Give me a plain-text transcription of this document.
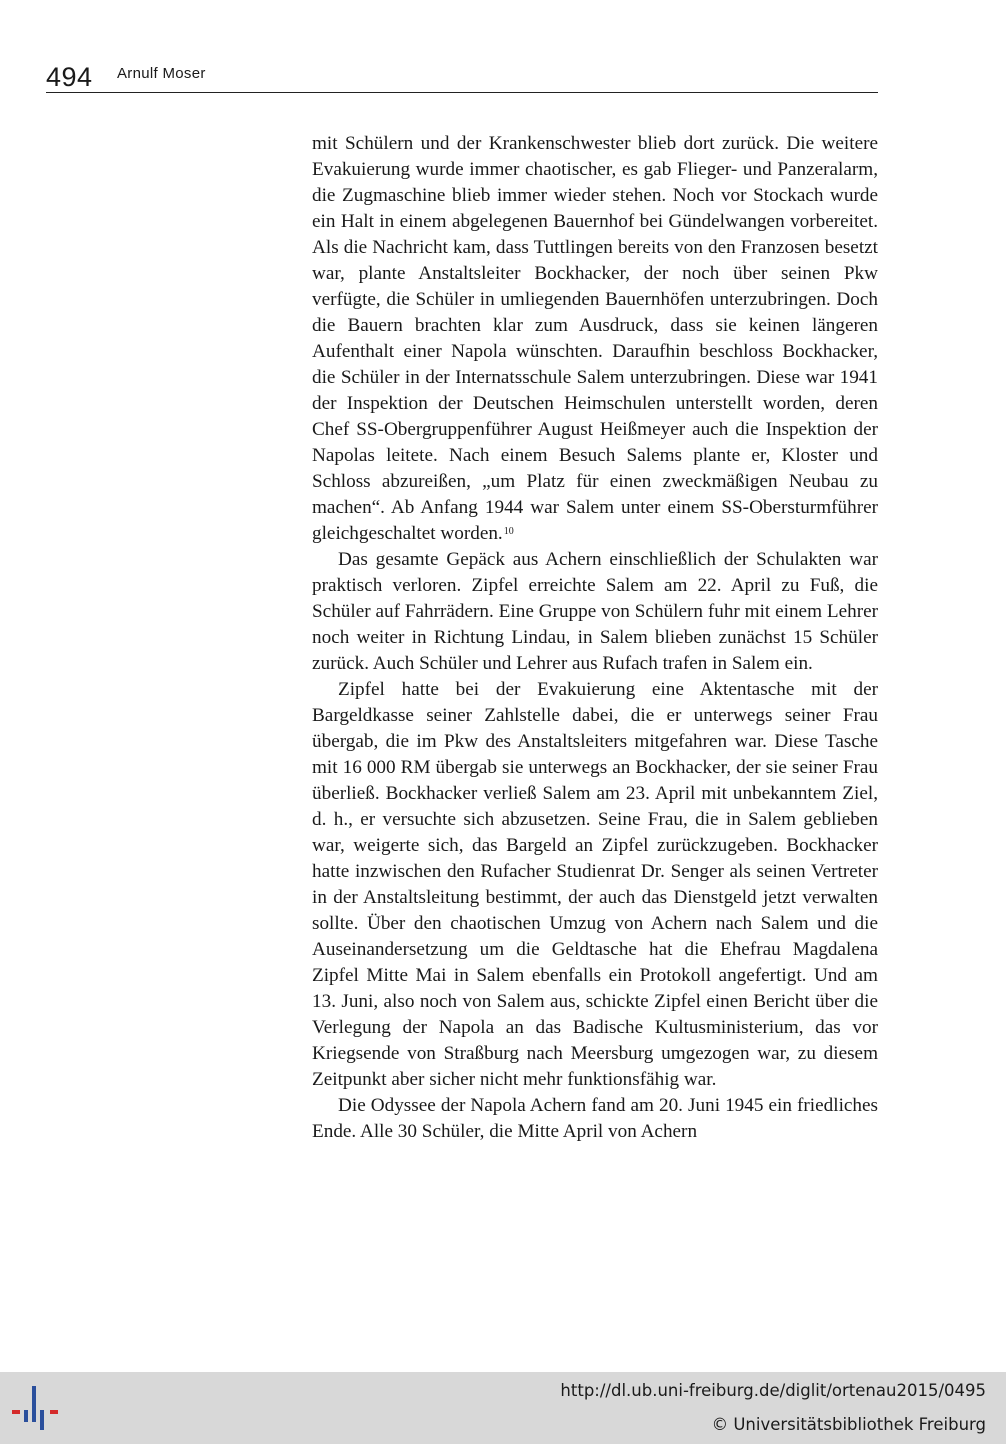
494 Arnulf Moser

mit Schülern und der Krankenschwester blieb dort zurück. Die weitere Evakuierung wurde immer chaotischer, es gab Flieger- und Panzeralarm, die Zugmaschine blieb immer wieder stehen. Noch vor Stockach wurde ein Halt in einem abgelegenen Bauernhof bei Gündelwangen vorbereitet. Als die Nachricht kam, dass Tuttlingen bereits von den Franzosen besetzt war, plante Anstaltsleiter Bockhacker, der noch über seinen Pkw verfügte, die Schüler in umliegenden Bauernhöfen unterzubringen. Doch die Bauern brachten klar zum Ausdruck, dass sie keinen längeren Aufenthalt einer Napola wünschten. Daraufhin beschloss Bockhacker, die Schüler in der Internatsschule Salem unterzubringen. Diese war 1941 der Inspektion der Deutschen Heimschulen unterstellt worden, deren Chef SS-Obergruppenführer August Heißmeyer auch die Inspektion der Napolas leitete. Nach einem Besuch Salems plante er, Kloster und Schloss abzureißen, „um Platz für einen zweckmäßigen Neubau zu machen“. Ab Anfang 1944 war Salem unter einem SS-Obersturmführer gleichgeschaltet worden.$^{10}$

Das gesamte Gepäck aus Achern einschließlich der Schulakten war praktisch verloren. Zipfel erreichte Salem am 22. April zu Fuß, die Schüler auf Fahrrädern. Eine Gruppe von Schülern fuhr mit einem Lehrer noch weiter in Richtung Lindau, in Salem blieben zunächst 15 Schüler zurück. Auch Schüler und Lehrer aus Rufach trafen in Salem ein.

Zipfel hatte bei der Evakuierung eine Aktentasche mit der Bargeldkasse seiner Zahlstelle dabei, die er unterwegs seiner Frau übergab, die im Pkw des Anstaltsleiters mitgefahren war. Diese Tasche mit 16 000 RM übergab sie unterwegs an Bockhacker, der sie seiner Frau überließ. Bockhacker verließ Salem am 23. April mit unbekanntem Ziel, d. h., er versuchte sich abzusetzen. Seine Frau, die in Salem geblieben war, weigerte sich, das Bargeld an Zipfel zurückzugeben. Bockhacker hatte inzwischen den Rufacher Studienrat Dr. Senger als seinen Vertreter in der Anstaltsleitung bestimmt, der auch das Dienstgeld jetzt verwalten sollte. Über den chaotischen Umzug von Achern nach Salem und die Auseinandersetzung um die Geldtasche hat die Ehefrau Magdalena Zipfel Mitte Mai in Salem ebenfalls ein Protokoll angefertigt. Und am 13. Juni, also noch von Salem aus, schickte Zipfel einen Bericht über die Verlegung der Napola an das Badische Kultusministerium, das vor Kriegsende von Straßburg nach Meersburg umgezogen war, zu diesem Zeitpunkt aber sicher nicht mehr funktionsfähig war.

Die Odyssee der Napola Achern fand am 20. Juni 1945 ein friedliches Ende. Alle 30 Schüler, die Mitte April von Achern

http://dl.ub.uni-freiburg.de/diglit/ortenau2015/0495
© Universitätsbibliothek Freiburg
